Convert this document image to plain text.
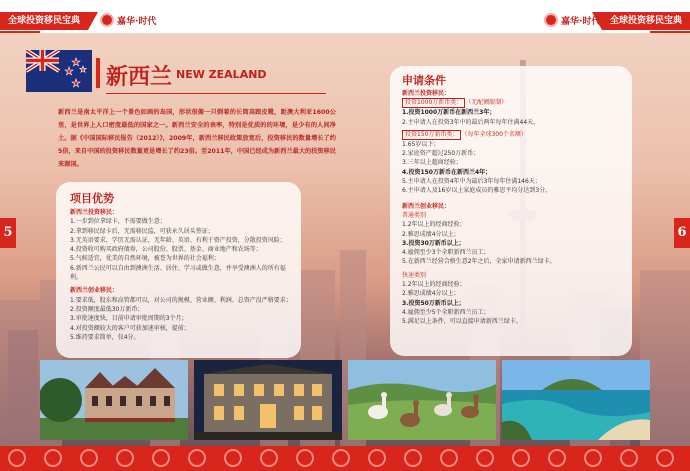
全球投资移民宝典	全球投资移民宝典
嘉华·时代	嘉华·时代
5	6
新西兰 NEW ZEALAND

新西兰是南太平洋上一个景色如画的岛国，形状很像一只倒着的长筒高跟皮靴，距澳大利亚1600公里，是世界上人口密度最低的国家之一。新西兰安全的表率，特别是优质的的环境，是少有的人间净土。据《中国国际移民报告（2012）》，2009年，新西兰移民政策放宽后，投资移民的数量增长了约5倍，来自中国的投资移民数量更是增长了约23倍。至2011年，中国已经成为新西兰最大的投资移民来源国。

项目优势
新西兰投资移民：
1.一步到位拿绿卡，不需要做生意；
2.拿到移民绿卡后，无需移民监，可获永久居头签证；
3.无英语要求，学历无需认证，无年龄、英语、有利于资产投资，分散投资风险；
4.投资收可购买政府债券，公司股份、股票、基金、商业地产和农场等；
5.气候适宜，优美的自然环境，被誉为世界的社会福利；
6.新西兰公民可以自由到澳洲生活、居住、学习或做生意，并享受澳洲人的所有福利。
新西兰创业移民：
1.要求低，股东和高管都可以，对公司的规模、营业额、利润、总资产没严格要求；
2.投资额度最低30万新币；
3.审批速度快，目前申请审批周期的3个月；
4.对投资额较大的客户可获加速审核，提前；
5.维持要求简单，仅4分。
申请条件
新西兰投资移民：
投资1000万新币类： （无配额限制）
1.投资1000万新币在新西兰3年；
2.主申请人在投资3年中的最后两年每年住满44天。
投资150万新币类： （每年全球300个名额）
1.65岁以下；
2.家庭资产超过250万新币；
3.三年以上超商经验；
4.投资150万新币在新西兰4年；
5.主申请人在投资4年中为最后3年每年住满146天；
6.主申请人及16岁以上家庭成员的雅思平均分达到3分。
新西兰创业移民：
普通类别
1.2年以上的经商经验；
2.雅思成绩4分以上；
3.投资30万新币以上；
4.雇佣至少3个全职新西兰员工；
5.在新西兰经营合格生意2年之后，全家申请新西兰绿卡。
快速类别
1.2年以上的经商经验；
2.雅思成绩4分以上；
3.投资50万新币以上；
4.雇佣至少5个全职新西兰员工；
5.满足以上条件，可以直接申请新西兰绿卡。
